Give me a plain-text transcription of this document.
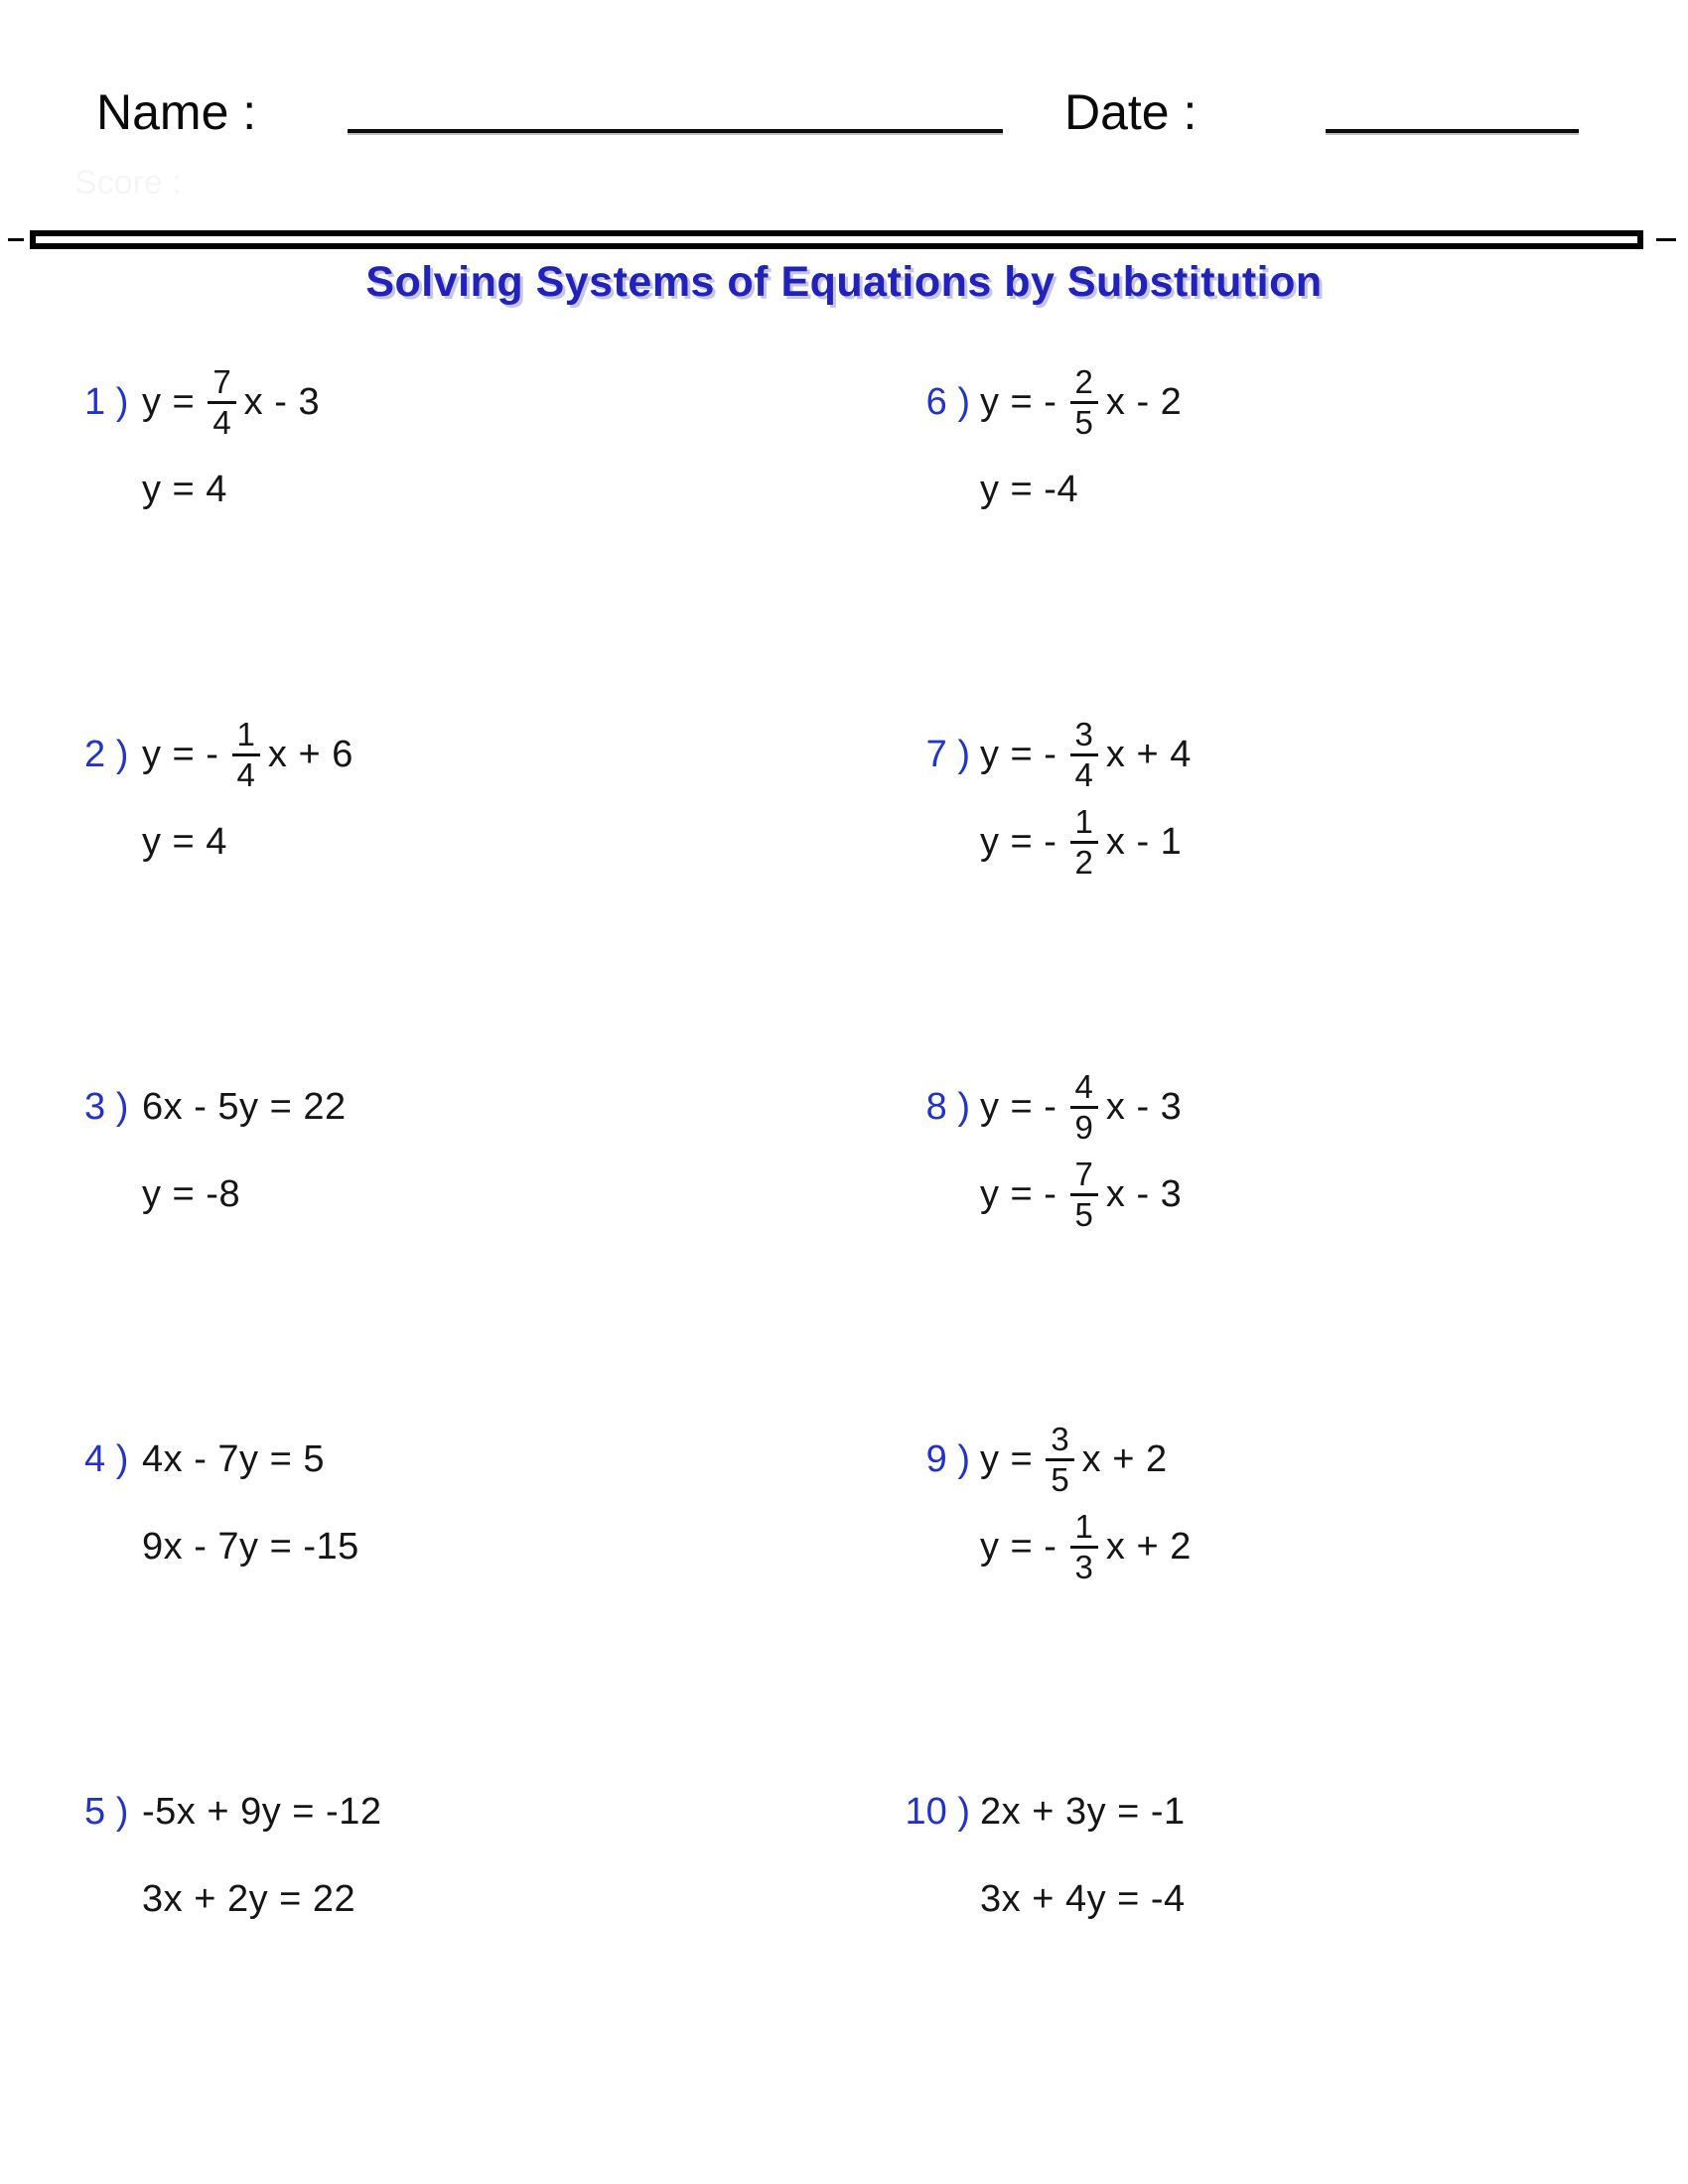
Name :	Date :
Solving Systems of Equations by Substitution
1 ) $y = \frac{7}{4}$ x - 3
y = 4
2 ) y = - $\frac{1}{4}$ x + 6
y = 4
3 ) 6x - 5y = 22
y = -8
4 ) 4x - 7y = 5
9x - 7y = -15
5 ) -5x + 9y = -12
3x + 2y = 22
6 ) y = - $\frac{2}{5}$ x - 2
y = -4
7 ) y = - $\frac{3}{4}$ x + 4
y = - $\frac{1}{2}$ x - 1
8 ) y = - $\frac{4}{9}$ x - 3
y = - $\frac{7}{5}$ x - 3
9 ) $y = \frac{3}{5}$ x + 2
y = - $\frac{1}{3}$ x + 2
10 ) 2x + 3y = -1
3x + 4y = -4
